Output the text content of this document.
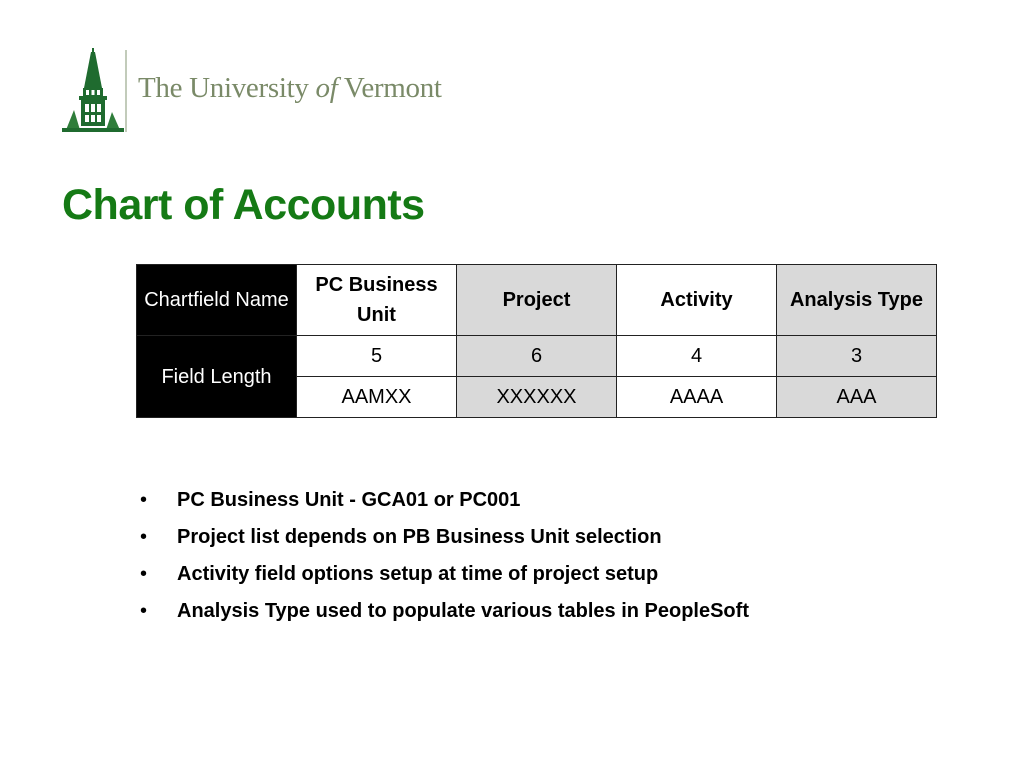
The University of Vermont
Chart of Accounts
Chartfield Name	PC Business Unit	Project	Activity	Analysis Type
Field Length	5	6	4	3
	AAMXX	XXXXXX	AAAA	AAA
• PC Business Unit - GCA01 or PC001
• Project list depends on PB Business Unit selection
• Activity field options setup at time of project setup
• Analysis Type used to populate various tables in PeopleSoft
